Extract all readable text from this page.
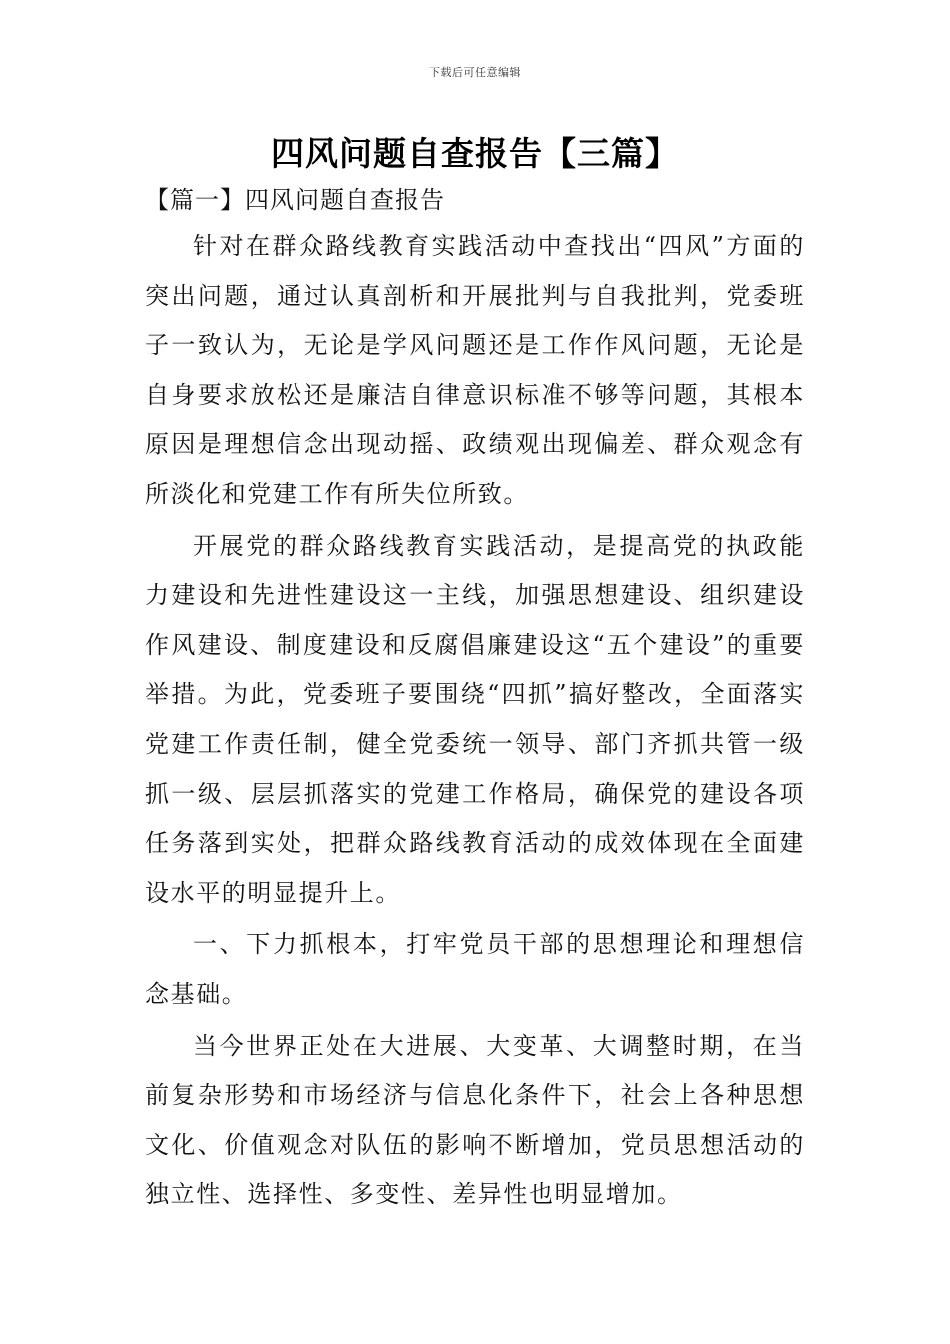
下载后可任意编辑
四风问题自查报告【三篇】

【篇一】四风问题自查报告

针对在群众路线教育实践活动中查找出“四风”方面的突出问题，通过认真剖析和开展批判与自我批判，党委班子一致认为，无论是学风问题还是工作作风问题，无论是自身要求放松还是廉洁自律意识标准不够等问题，其根本原因是理想信念出现动摇、政绩观出现偏差、群众观念有所淡化和党建工作有所失位所致。

开展党的群众路线教育实践活动，是提高党的执政能力建设和先进性建设这一主线，加强思想建设、组织建设作风建设、制度建设和反腐倡廉建设这“五个建设”的重要举措。为此，党委班子要围绕“四抓”搞好整改，全面落实党建工作责任制，健全党委统一领导、部门齐抓共管一级抓一级、层层抓落实的党建工作格局，确保党的建设各项任务落到实处，把群众路线教育活动的成效体现在全面建设水平的明显提升上。

一、下力抓根本，打牢党员干部的思想理论和理想信念基础。

当今世界正处在大进展、大变革、大调整时期，在当前复杂形势和市场经济与信息化条件下，社会上各种思想文化、价值观念对队伍的影响不断增加，党员思想活动的独立性、选择性、多变性、差异性也明显增加。
